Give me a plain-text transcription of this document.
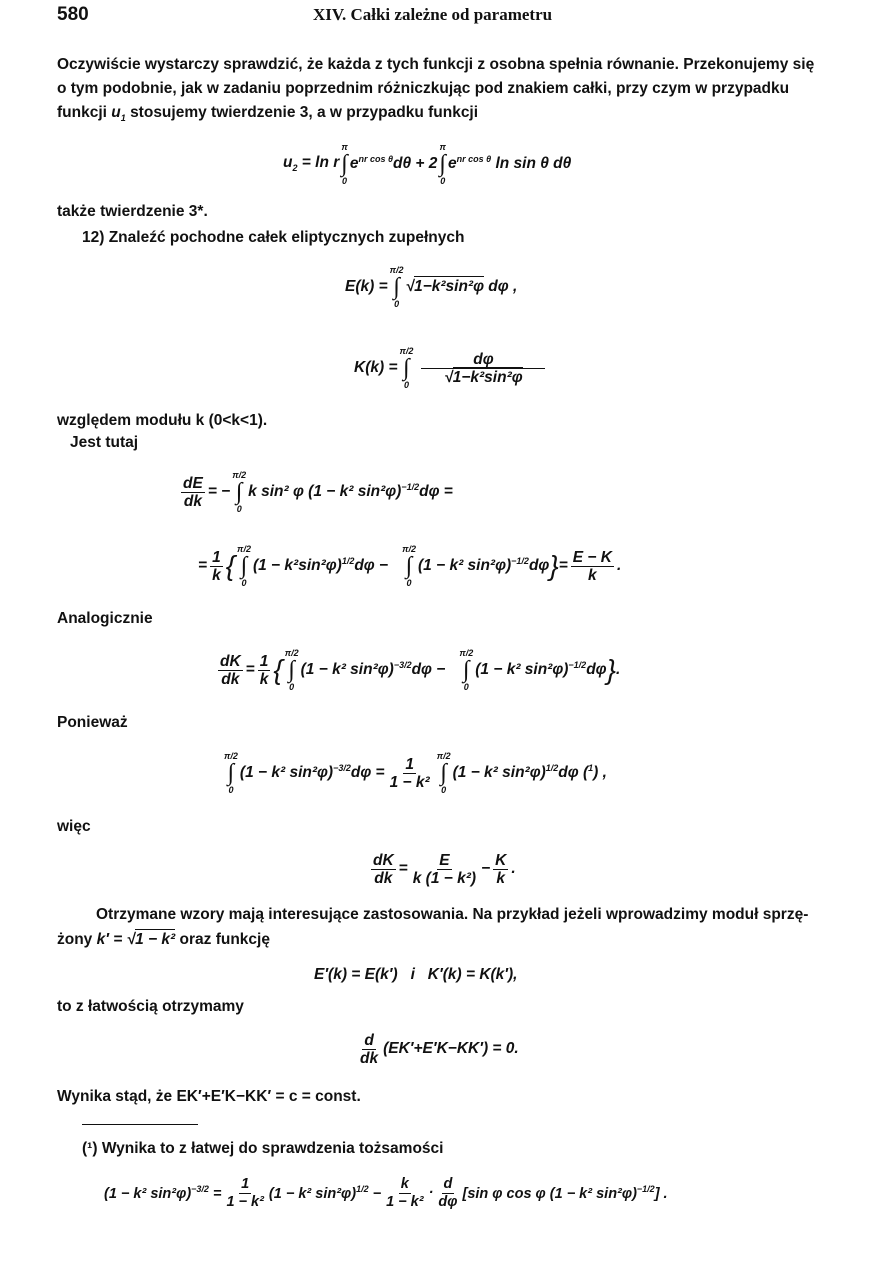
580	XIV. Całki zależne od parametru
Oczywiście wystarczy sprawdzić, że każda z tych funkcji z osobna spełnia równanie. Przekonujemy się
o tym podobnie, jak w zadaniu poprzednim różniczkując pod znakiem całki, przy czym w przypadku
funkcji $u_1$ stosujemy twierdzenie 3, a w przypadku funkcji
$u_2 = \ln r$
π
∫
0
$e^{nr cos \theta}d\theta + 2$
π
∫
0
$e^{nr cos \theta}$ ln sin θ dθ
także twierdzenie 3*.
12) Znaleźć pochodne całek eliptycznych zupełnych
E(k) =
π/2
∫
0
√1−k²sin²φ dφ ,
K(k) =
π/2
∫
$0 \frac{d\varphi}{\text{√1−k²sin²φ}}$
względem modułu k (0<k<1).
Jest tutaj
$\frac{dE}{dk}$ = −
π/2
∫
0
k sin² φ (1 − k² sin²φ)$^{-1/2}$dφ =
= $\frac{1}{k}$ {
π/2
∫
0
$(1 - k^2\sin^2\varphi)^{1/2}d\varphi$ −
π/2
∫
0
(1 − k² sin²φ)$^{-1/2}$dφ } = $\frac{E - K}{k}$ .
Analogicznie
$\frac{dK}{dk} = \frac{1}{k}$ {
π/2
∫
0
(1 − k² sin²φ)$^{-3/2}$dφ −
π/2
∫
0
(1 − k² sin²φ)$^{-1/2}$dφ } .
Ponieważ
π/2
∫
0
(1 − k² $\sin^2\varphi)^{-3/2}d\varphi = \frac{1}{\text{1 − k²}} \pi/2$
∫
0
(1 − k² sin²φ)$^{1/2}$dφ ($^1$) ,
więc
$\frac{dK}{dk} = \frac{E}{\text{k (1 − k²)}} - \frac{K}{k}$ .
Otrzymane wzory mają interesujące zastosowania. Na przykład jeżeli wprowadzimy moduł sprzę-
żony k′ = √1 − k² oraz funkcję
E′(k) = E(k′)   i   K′(k) = K(k′),
to z łatwością otrzymamy
$\frac{d}{dk} (EK'+E'K-KK') = 0$.
Wynika stąd, że EK′+E′K−KK′ = c = const.
(¹) Wynika to z łatwej do sprawdzenia tożsamości
(1 − k² $\sin^2\varphi)^{-3/2} = \frac{1}{\text{1 − k²}} (1 - k^2$ $\sin^2\varphi)^{1/2} - \frac{k}{\text{1 − k²}} \cdot \frac{d}{d\varphi} [\sin$ φ cos φ (1 − k² sin²φ)$^{-1/2}$] .
